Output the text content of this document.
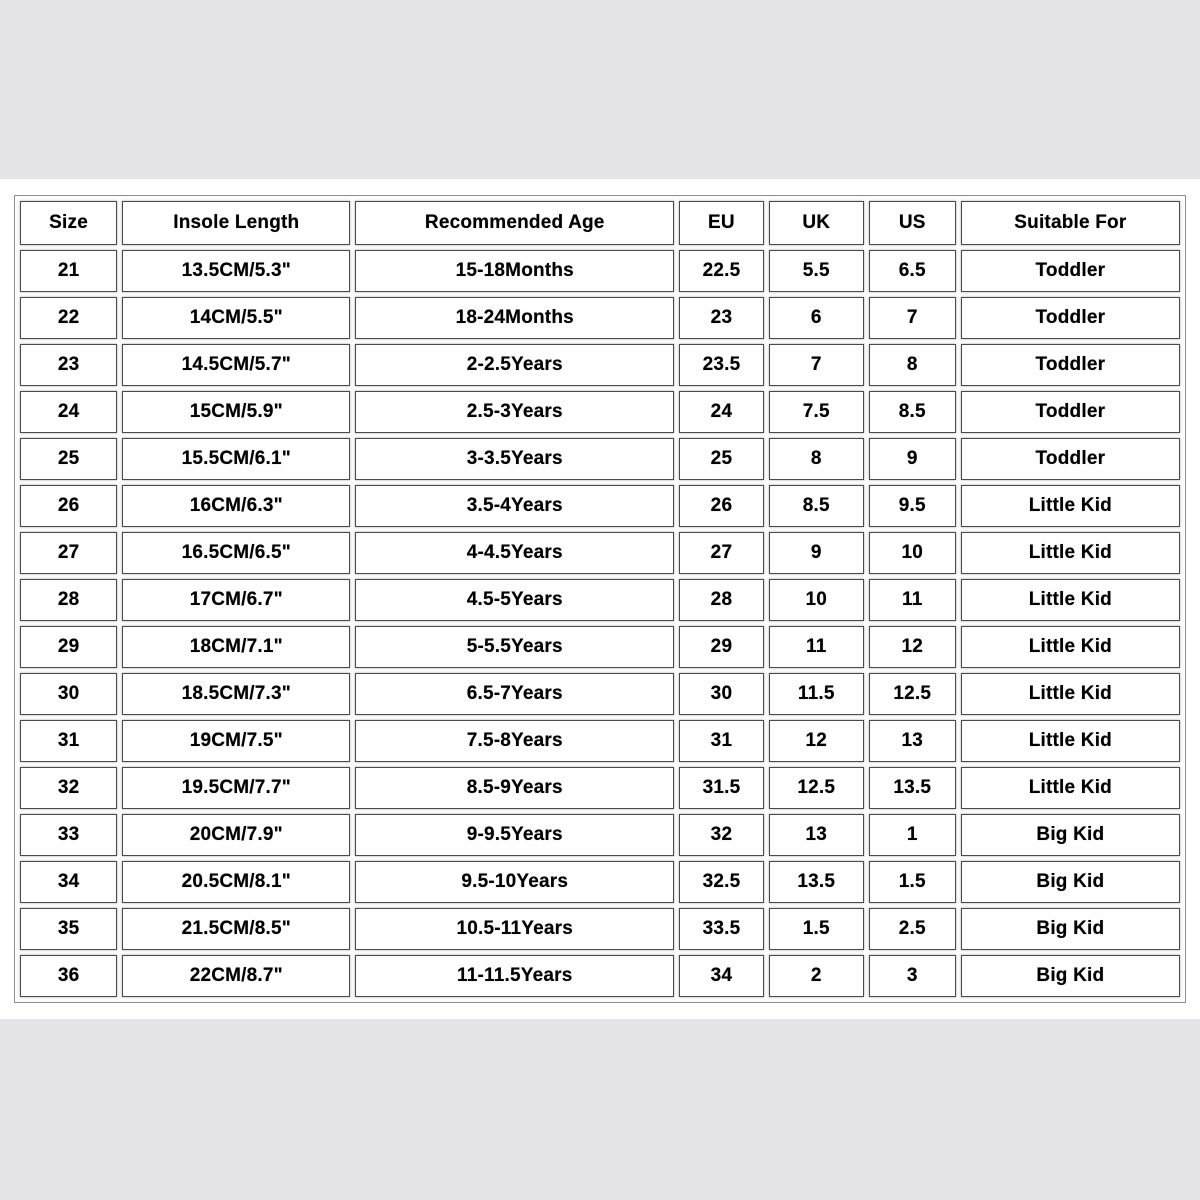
Size	Insole Length	Recommended Age	EU	UK	US	Suitable For
21	13.5CM/5.3"	15-18Months	22.5	5.5	6.5	Toddler
22	14CM/5.5"	18-24Months	23	6	7	Toddler
23	14.5CM/5.7"	2-2.5Years	23.5	7	8	Toddler
24	15CM/5.9"	2.5-3Years	24	7.5	8.5	Toddler
25	15.5CM/6.1"	3-3.5Years	25	8	9	Toddler
26	16CM/6.3"	3.5-4Years	26	8.5	9.5	Little Kid
27	16.5CM/6.5"	4-4.5Years	27	9	10	Little Kid
28	17CM/6.7"	4.5-5Years	28	10	11	Little Kid
29	18CM/7.1"	5-5.5Years	29	11	12	Little Kid
30	18.5CM/7.3"	6.5-7Years	30	11.5	12.5	Little Kid
31	19CM/7.5"	7.5-8Years	31	12	13	Little Kid
32	19.5CM/7.7"	8.5-9Years	31.5	12.5	13.5	Little Kid
33	20CM/7.9"	9-9.5Years	32	13	1	Big Kid
34	20.5CM/8.1"	9.5-10Years	32.5	13.5	1.5	Big Kid
35	21.5CM/8.5"	10.5-11Years	33.5	1.5	2.5	Big Kid
36	22CM/8.7"	11-11.5Years	34	2	3	Big Kid
